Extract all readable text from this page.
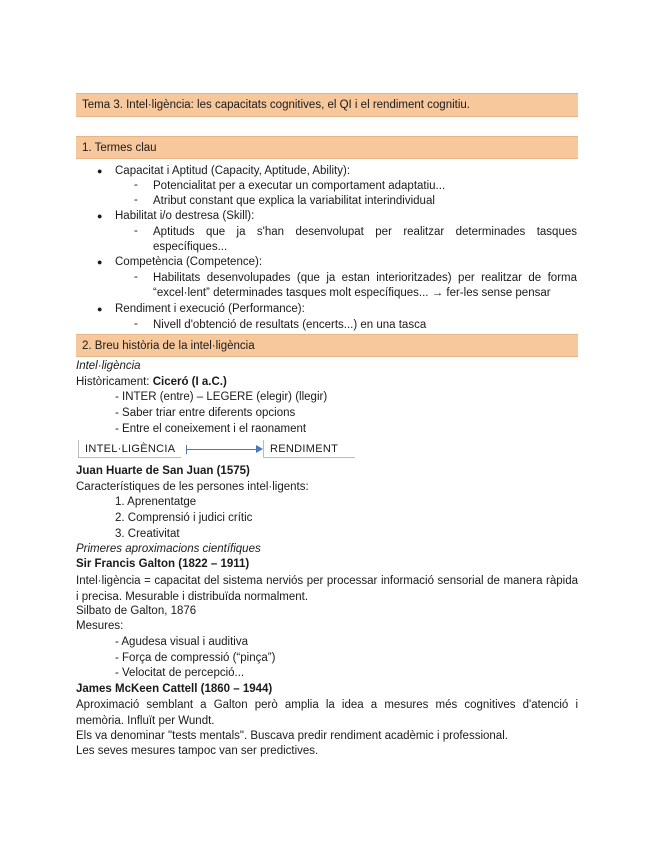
Tema 3. Intel·ligència: les capacitats cognitives, el QI i el rendiment cognitiu.
1. Termes clau
● Capacitat i Aptitud (Capacity, Aptitude, Ability):
- Potencialitat per a executar un comportament adaptatiu...
- Atribut constant que explica la variabilitat interindividual
● Habilitat i/o destresa (Skill):
- Aptituds que ja s'han desenvolupat per realitzar determinades tasques específiques...
● Competència (Competence):
- Habilitats desenvolupades (que ja estan interioritzades) per realitzar de forma “excel·lent” determinades tasques molt específiques... → fer-les sense pensar
● Rendiment i execució (Performance):
- Nivell d'obtenció de resultats (encerts...) en una tasca
2. Breu història de la intel·ligència
Intel·ligència
Històricament: Ciceró (I a.C.)
- INTER (entre) – LEGERE (elegir) (llegir)
- Saber triar entre diferents opcions
- Entre el coneixement i el raonament
INTEL·LIGÈNCIA	RENDIMENT
Juan Huarte de San Juan (1575)
Característiques de les persones intel·ligents:
1. Aprenentatge
2. Comprensió i judici crític
3. Creativitat
Primeres aproximacions científiques
Sir Francis Galton (1822 – 1911)
Intel·ligència = capacitat del sistema nerviós per processar informació sensorial de manera ràpida i precisa. Mesurable i distribuïda normalment.
Silbato de Galton, 1876
Mesures:
- Agudesa visual i auditiva
- Força de compressió (“pinça”)
- Velocitat de percepció...
James McKeen Cattell (1860 – 1944)
Aproximació semblant a Galton però amplia la idea a mesures més cognitives d'atenció i memòria. Influït per Wundt.
Els va denominar "tests mentals". Buscava predir rendiment acadèmic i professional.
Les seves mesures tampoc van ser predictives.
